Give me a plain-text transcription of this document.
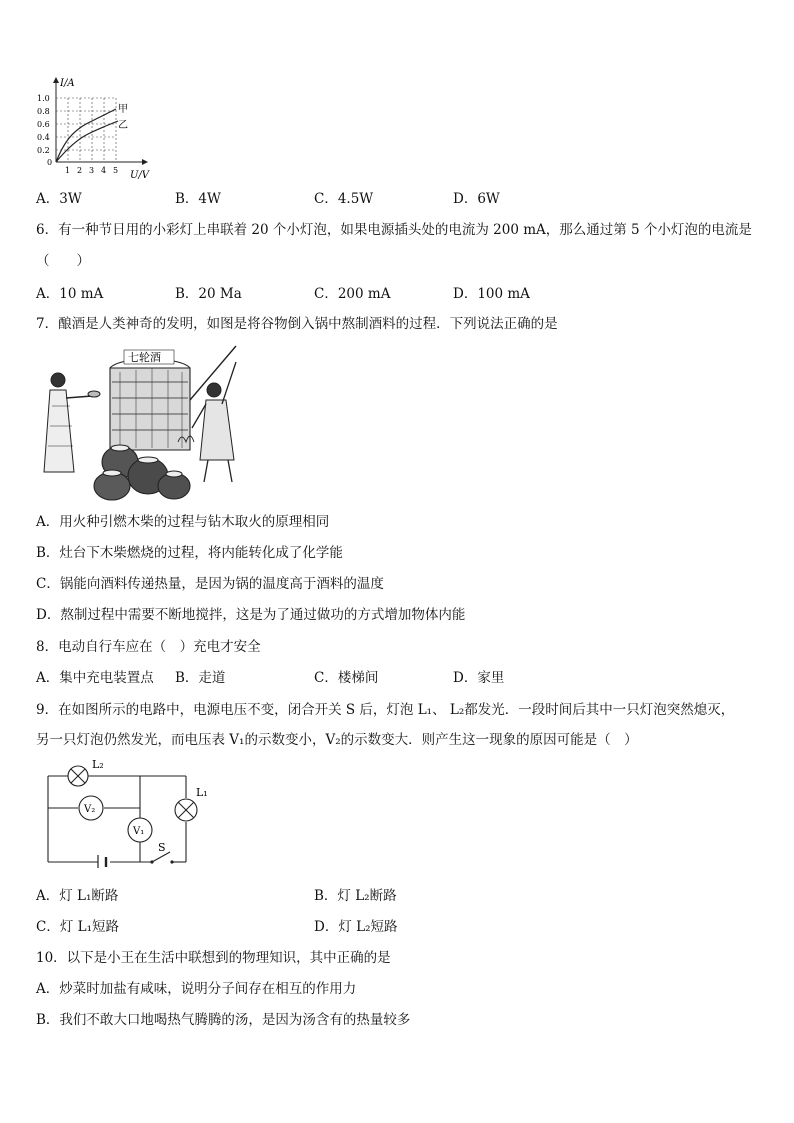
I/A
U/V
1.0
0.8
0.6
0.4
0.2
0
1 2 3 4 5
甲
乙
A．3W	B．4W	C．4.5W	D．6W
6．有一种节日用的小彩灯上串联着 20 个小灯泡，如果电源插头处的电流为 200 mA，那么通过第 5 个小灯泡的电流是
（　　）
A．10 mA	B．20 Ma	C．200 mA	D．100 mA
7．酿酒是人类神奇的发明，如图是将谷物倒入锅中熬制酒料的过程．下列说法正确的是
七轮酒
A．用火种引燃木柴的过程与钻木取火的原理相同
B．灶台下木柴燃烧的过程，将内能转化成了化学能
C．锅能向酒料传递热量，是因为锅的温度高于酒料的温度
D．熬制过程中需要不断地搅拌，这是为了通过做功的方式增加物体内能
8．电动自行车应在（　）充电才安全
A．集中充电装置点 B．走道	C．楼梯间	D．家里
9．在如图所示的电路中，电源电压不变，闭合开关 S 后，灯泡 L₁、 L₂都发光．一段时间后其中一只灯泡突然熄灭，
另一只灯泡仍然发光，而电压表 V₁的示数变小，V₂的示数变大．则产生这一现象的原因可能是（　）
L₂
L₁
V₂
V₁
S
A．灯 L₁断路	B．灯 L₂断路
C．灯 L₁短路	D．灯 L₂短路
10．以下是小王在生活中联想到的物理知识，其中正确的是
A．炒菜时加盐有咸味，说明分子间存在相互的作用力
B．我们不敢大口地喝热气腾腾的汤，是因为汤含有的热量较多
